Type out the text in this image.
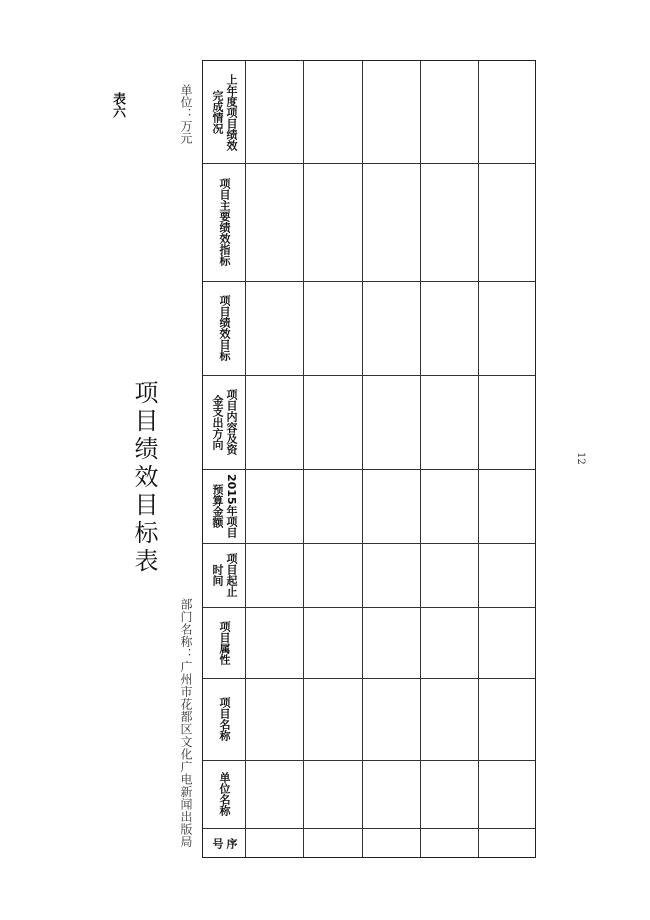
表六	单位：万元
项目绩效目标表
部门名称：广州市花都区文化广电新闻出版局
12
上年度项目绩效
完成情况
项目主要绩效指标
项目绩效目标
项目内容及资
金支出方向
2015年项目
预算金额
项目起止
时间
项目属性
项目名称
单位名称
序
号
